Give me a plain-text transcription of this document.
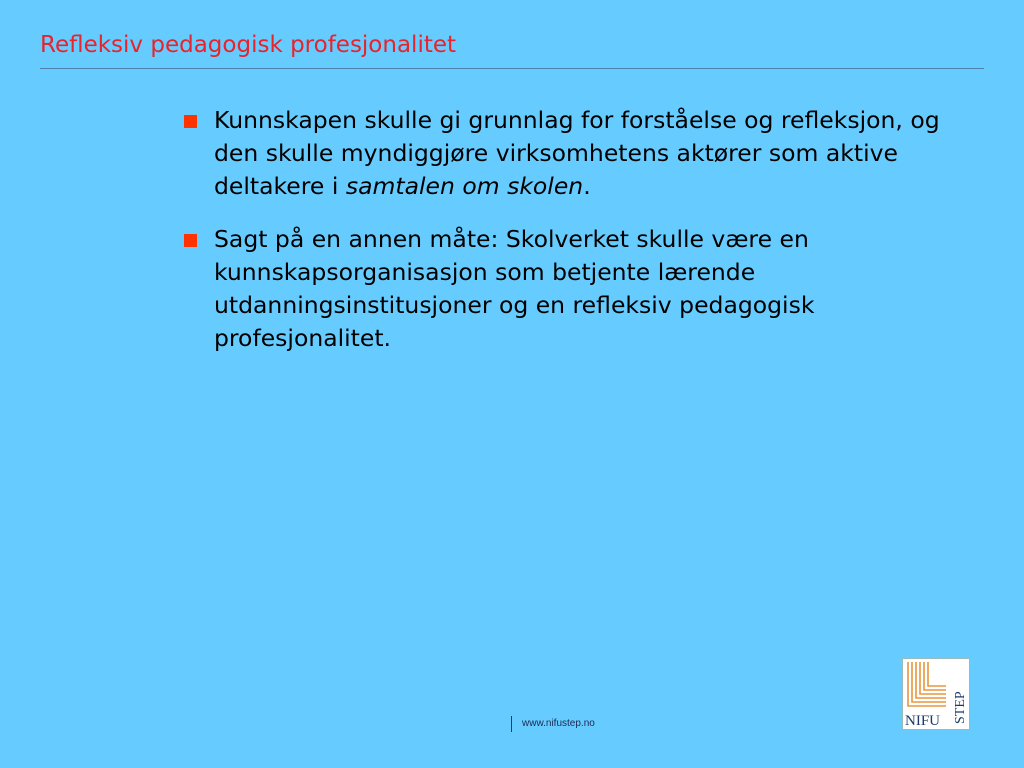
Refleksiv pedagogisk profesjonalitet
Kunnskapen skulle gi grunnlag for forståelse og refleksjon, og den skulle myndiggjøre virksomhetens aktører som aktive deltakere i samtalen om skolen.
Sagt på en annen måte: Skolverket skulle være en kunnskapsorganisasjon som betjente lærende utdanningsinstitusjoner og en refleksiv pedagogisk profesjonalitet.
NIFU STEP
www.nifustep.no
